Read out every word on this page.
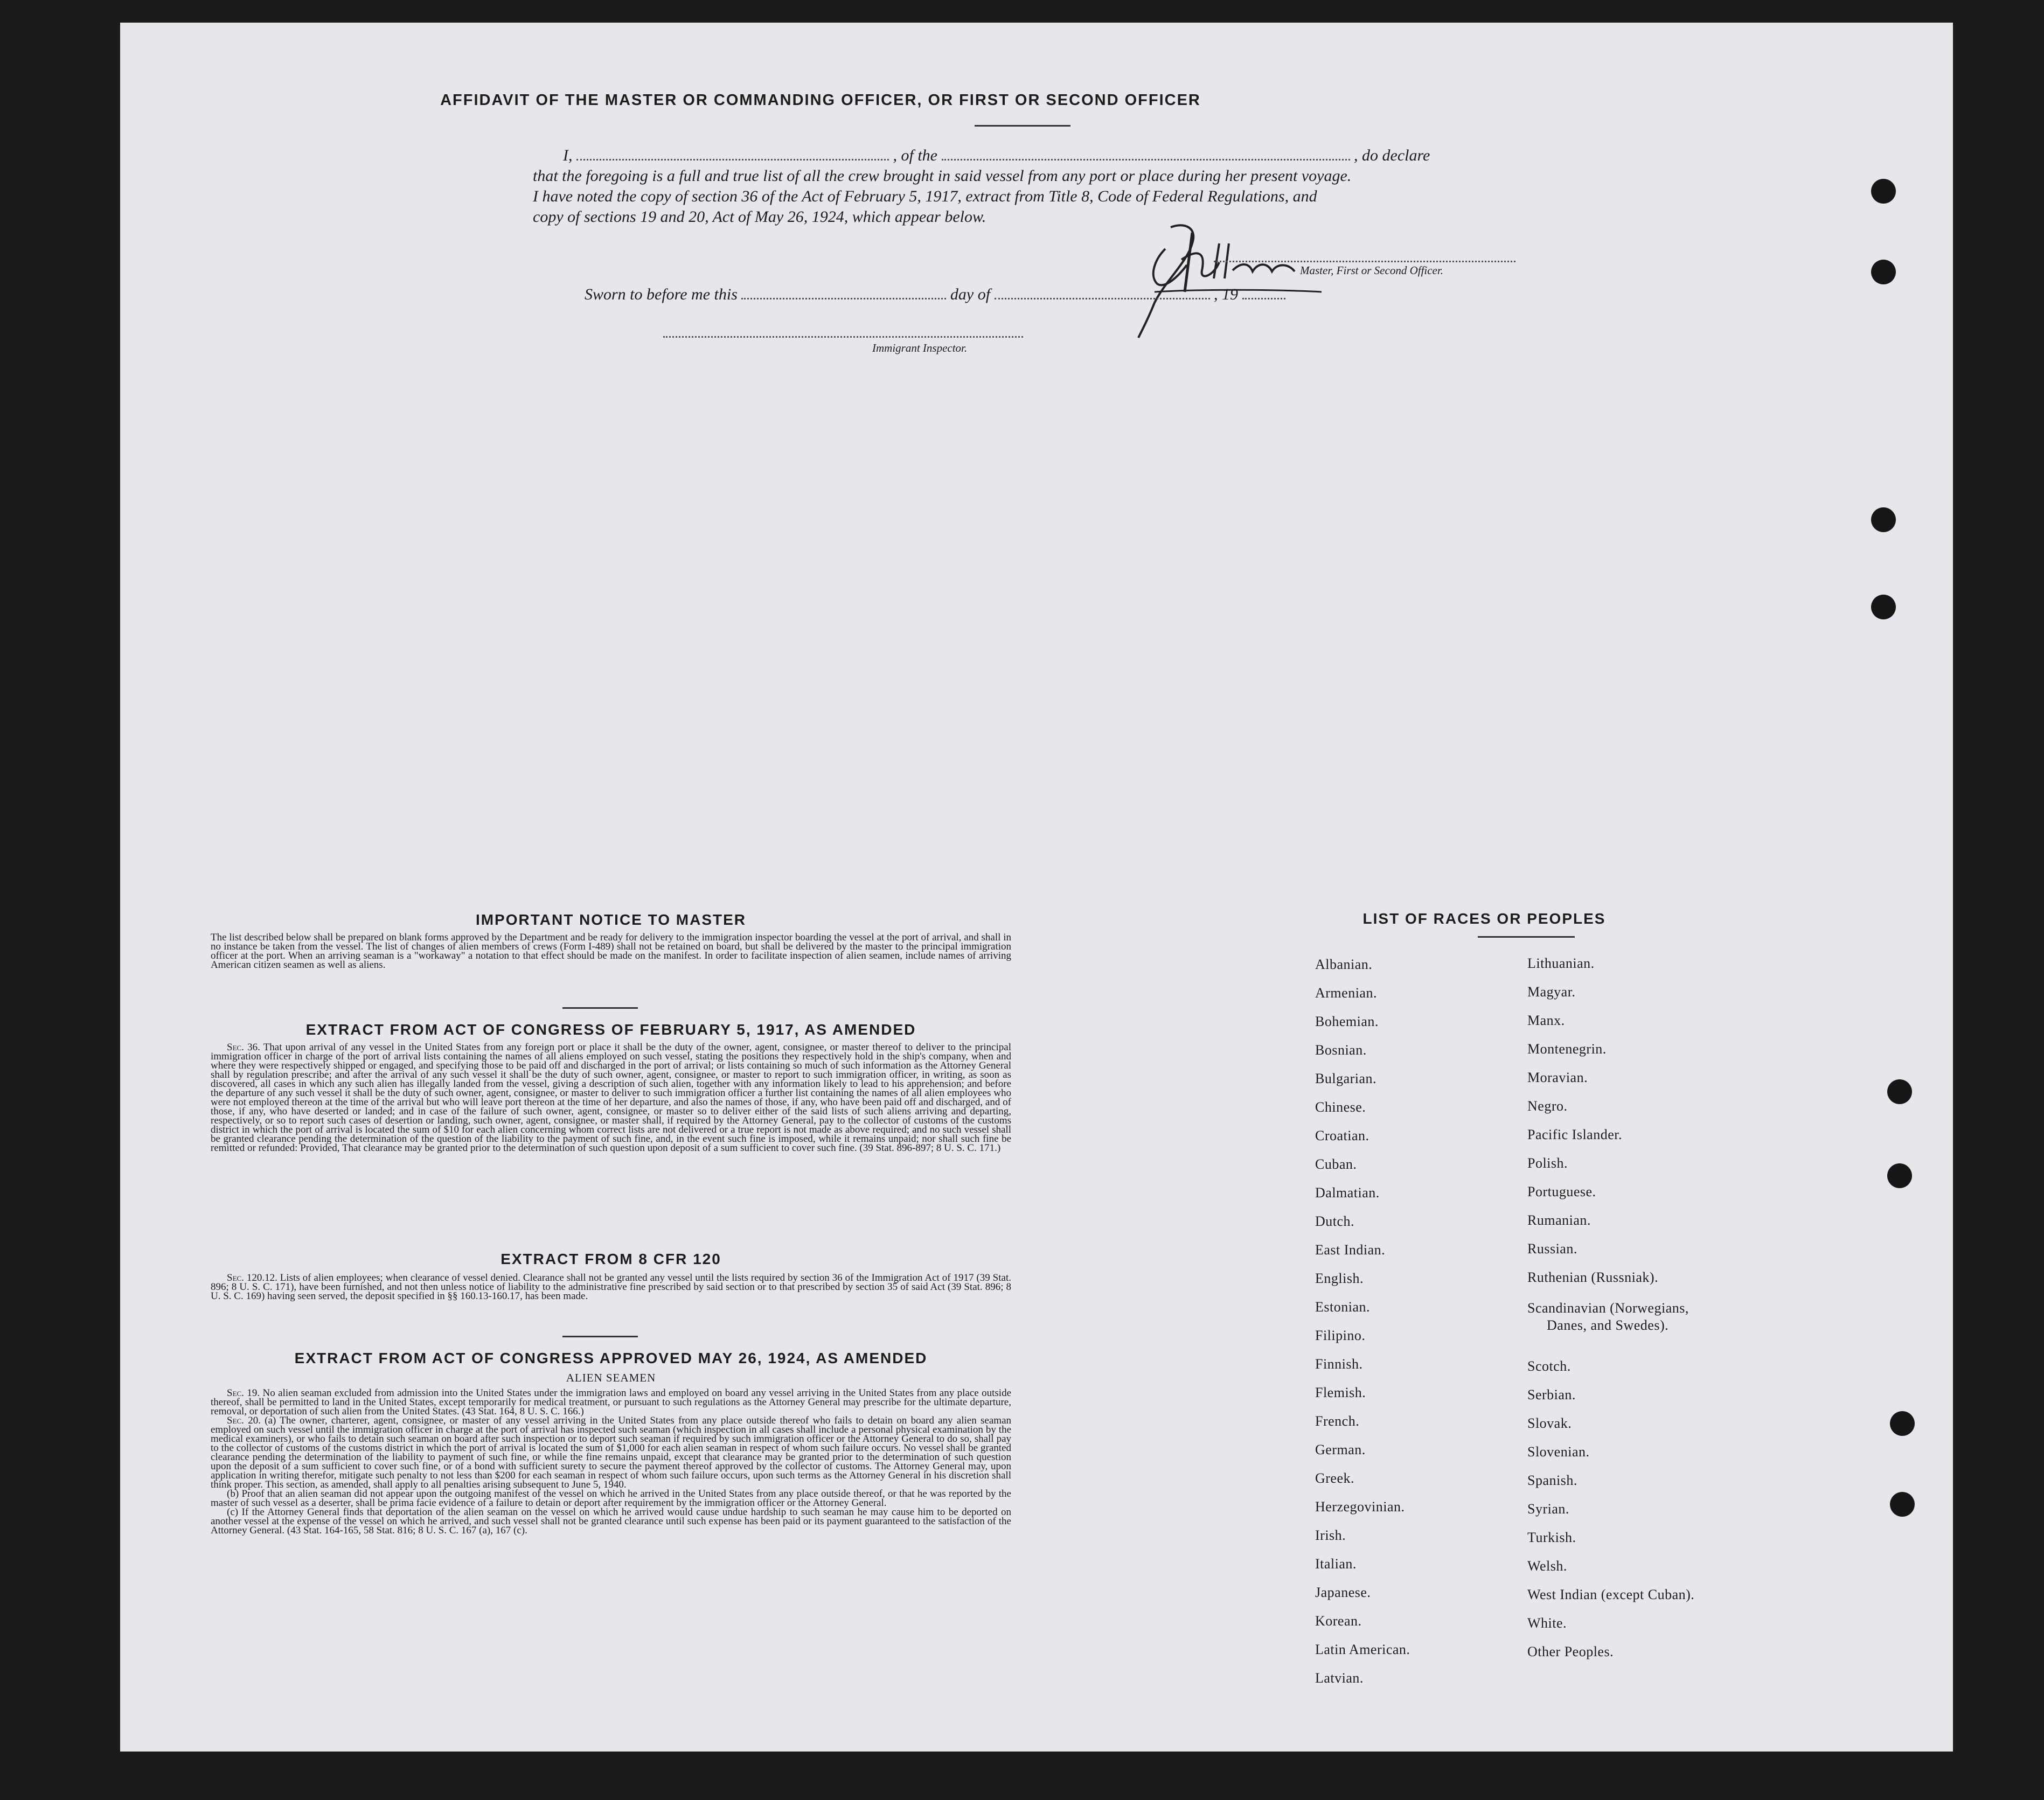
AFFIDAVIT OF THE MASTER OR COMMANDING OFFICER, OR FIRST OR SECOND OFFICER
I,	, of the	, do declare
that the foregoing is a full and true list of all the crew brought in said vessel from any port or place during her present voyage.
I have noted the copy of section 36 of the Act of February 5, 1917, extract from Title 8, Code of Federal Regulations, and
copy of sections 19 and 20, Act of May 26, 1924, which appear below.
Master, First or Second Officer.
Sworn to before me this	day of	, 19
Immigrant Inspector.
IMPORTANT NOTICE TO MASTER
The list described below shall be prepared on blank forms approved by the Department and be ready for delivery to the immigration inspector boarding the vessel at the port of arrival, and shall in no instance be taken from the vessel. The list of changes of alien members of crews (Form I-489) shall not be retained on board, but shall be delivered by the master to the principal immigration officer at the port. When an arriving seaman is a "workaway" a notation to that effect should be made on the manifest. In order to facilitate inspection of alien seamen, include names of arriving American citizen seamen as well as aliens.
EXTRACT FROM ACT OF CONGRESS OF FEBRUARY 5, 1917, AS AMENDED
Sec. 36. That upon arrival of any vessel in the United States from any foreign port or place it shall be the duty of the owner, agent, consignee, or master thereof to deliver to the principal immigration officer in charge of the port of arrival lists containing the names of all aliens employed on such vessel, stating the positions they respectively hold in the ship's company, when and where they were respectively shipped or engaged, and specifying those to be paid off and discharged in the port of arrival; or lists containing so much of such information as the Attorney General shall by regulation prescribe; and after the arrival of any such vessel it shall be the duty of such owner, agent, consignee, or master to report to such immigration officer, in writing, as soon as discovered, all cases in which any such alien has illegally landed from the vessel, giving a description of such alien, together with any information likely to lead to his apprehension; and before the departure of any such vessel it shall be the duty of such owner, agent, consignee, or master to deliver to such immigration officer a further list containing the names of all alien employees who were not employed thereon at the time of the arrival but who will leave port thereon at the time of her departure, and also the names of those, if any, who have been paid off and discharged, and of those, if any, who have deserted or landed; and in case of the failure of such owner, agent, consignee, or master so to deliver either of the said lists of such aliens arriving and departing, respectively, or so to report such cases of desertion or landing, such owner, agent, consignee, or master shall, if required by the Attorney General, pay to the collector of customs of the customs district in which the port of arrival is located the sum of $10 for each alien concerning whom correct lists are not delivered or a true report is not made as above required; and no such vessel shall be granted clearance pending the determination of the question of the liability to the payment of such fine, and, in the event such fine is imposed, while it remains unpaid; nor shall such fine be remitted or refunded: Provided, That clearance may be granted prior to the determination of such question upon deposit of a sum sufficient to cover such fine. (39 Stat. 896-897; 8 U. S. C. 171.)
EXTRACT FROM 8 CFR 120
Sec. 120.12. Lists of alien employees; when clearance of vessel denied. Clearance shall not be granted any vessel until the lists required by section 36 of the Immigration Act of 1917 (39 Stat. 896; 8 U. S. C. 171), have been furnished, and not then unless notice of liability to the administrative fine prescribed by said section or to that prescribed by section 35 of said Act (39 Stat. 896; 8 U. S. C. 169) having seen served, the deposit specified in §§ 160.13-160.17, has been made.
EXTRACT FROM ACT OF CONGRESS APPROVED MAY 26, 1924, AS AMENDED
ALIEN SEAMEN

Sec. 19. No alien seaman excluded from admission into the United States under the immigration laws and employed on board any vessel arriving in the United States from any place outside thereof, shall be permitted to land in the United States, except temporarily for medical treatment, or pursuant to such regulations as the Attorney General may prescribe for the ultimate departure, removal, or deportation of such alien from the United States. (43 Stat. 164, 8 U. S. C. 166.)

Sec. 20. (a) The owner, charterer, agent, consignee, or master of any vessel arriving in the United States from any place outside thereof who fails to detain on board any alien seaman employed on such vessel until the immigration officer in charge at the port of arrival has inspected such seaman (which inspection in all cases shall include a personal physical examination by the medical examiners), or who fails to detain such seaman on board after such inspection or to deport such seaman if required by such immigration officer or the Attorney General to do so, shall pay to the collector of customs of the customs district in which the port of arrival is located the sum of $1,000 for each alien seaman in respect of whom such failure occurs. No vessel shall be granted clearance pending the determination of the liability to payment of such fine, or while the fine remains unpaid, except that clearance may be granted prior to the determination of such question upon the deposit of a sum sufficient to cover such fine, or of a bond with sufficient surety to secure the payment thereof approved by the collector of customs. The Attorney General may, upon application in writing therefor, mitigate such penalty to not less than $200 for each seaman in respect of whom such failure occurs, upon such terms as the Attorney General in his discretion shall think proper. This section, as amended, shall apply to all penalties arising subsequent to June 5, 1940.

(b) Proof that an alien seaman did not appear upon the outgoing manifest of the vessel on which he arrived in the United States from any place outside thereof, or that he was reported by the master of such vessel as a deserter, shall be prima facie evidence of a failure to detain or deport after requirement by the immigration officer or the Attorney General.

(c) If the Attorney General finds that deportation of the alien seaman on the vessel on which he arrived would cause undue hardship to such seaman he may cause him to be deported on another vessel at the expense of the vessel on which he arrived, and such vessel shall not be granted clearance until such expense has been paid or its payment guaranteed to the satisfaction of the Attorney General. (43 Stat. 164-165, 58 Stat. 816; 8 U. S. C. 167 (a), 167 (c).

LIST OF RACES OR PEOPLES
Albanian.
Armenian.
Bohemian.
Bosnian.
Bulgarian.
Chinese.
Croatian.
Cuban.
Dalmatian.
Dutch.
East Indian.
English.
Estonian.
Filipino.
Finnish.
Flemish.
French.
German.
Greek.
Herzegovinian.
Irish.
Italian.
Japanese.
Korean.
Latin American.
Latvian.
Lithuanian.
Magyar.
Manx.
Montenegrin.
Moravian.
Negro.
Pacific Islander.
Polish.
Portuguese.
Rumanian.
Russian.
Ruthenian (Russniak).
Scandinavian (Norwegians,
Danes, and Swedes).
Scotch.
Serbian.
Slovak.
Slovenian.
Spanish.
Syrian.
Turkish.
Welsh.
West Indian (except Cuban).
White.
Other Peoples.
